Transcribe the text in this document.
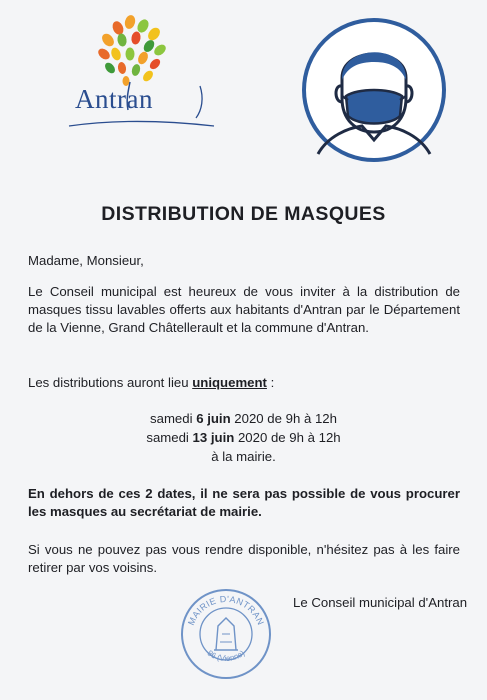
Antran
DISTRIBUTION DE MASQUES
Madame, Monsieur,
Le Conseil municipal est heureux de vous inviter à la distribution de masques tissu lavables offerts aux habitants d'Antran par le Département de la Vienne, Grand Châtellerault et la commune d'Antran.
Les distributions auront lieu uniquement :
samedi 6 juin 2020 de 9h à 12h
samedi 13 juin 2020 de 9h à 12h
à la mairie.
En dehors de ces 2 dates, il ne sera pas possible de vous procurer les masques au secrétariat de mairie.
Si vous ne pouvez pas vous rendre disponible, n'hésitez pas à les faire retirer par vos voisins.
Le Conseil municipal d'Antran
MAIRIE D'ANTRAN
86 (Vienne)
